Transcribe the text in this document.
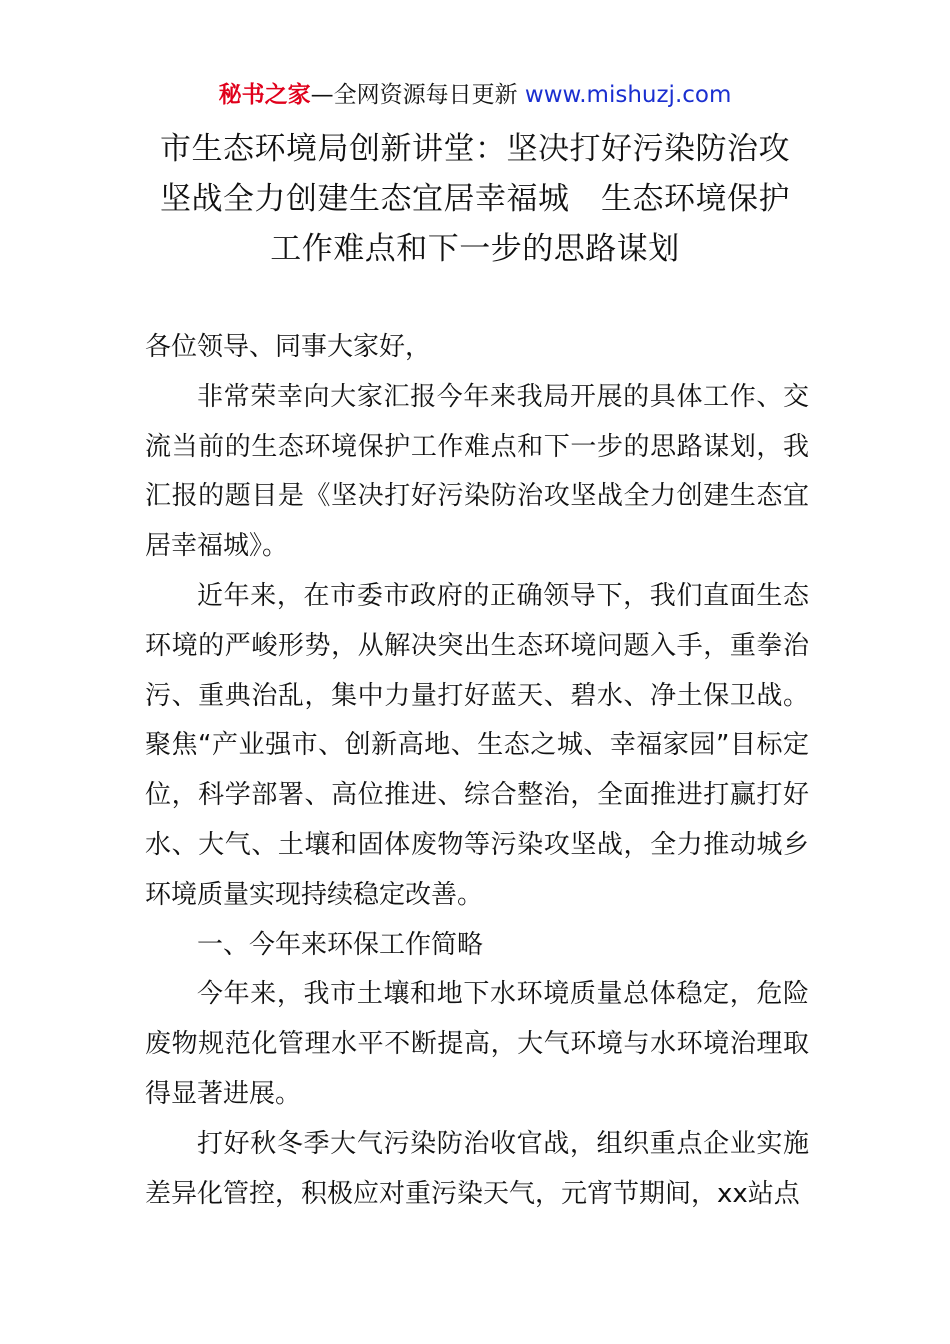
秘书之家—全网资源每日更新 www.mishuzj.com
市生态环境局创新讲堂：坚决打好污染防治攻
坚战全力创建生态宜居幸福城　生态环境保护
工作难点和下一步的思路谋划

各位领导、同事大家好，

非常荣幸向大家汇报今年来我局开展的具体工作、交流当前的生态环境保护工作难点和下一步的思路谋划，我汇报的题目是《坚决打好污染防治攻坚战全力创建生态宜居幸福城》。

近年来，在市委市政府的正确领导下，我们直面生态环境的严峻形势，从解决突出生态环境问题入手，重拳治污、重典治乱，集中力量打好蓝天、碧水、净土保卫战。聚焦“产业强市、创新高地、生态之城、幸福家园”目标定位，科学部署、高位推进、综合整治，全面推进打赢打好水、大气、土壤和固体废物等污染攻坚战，全力推动城乡环境质量实现持续稳定改善。

一、今年来环保工作简略

今年来，我市土壤和地下水环境质量总体稳定，危险废物规范化管理水平不断提高，大气环境与水环境治理取得显著进展。

打好秋冬季大气污染防治收官战，组织重点企业实施差异化管控，积极应对重污染天气，元宵节期间，xx站点
